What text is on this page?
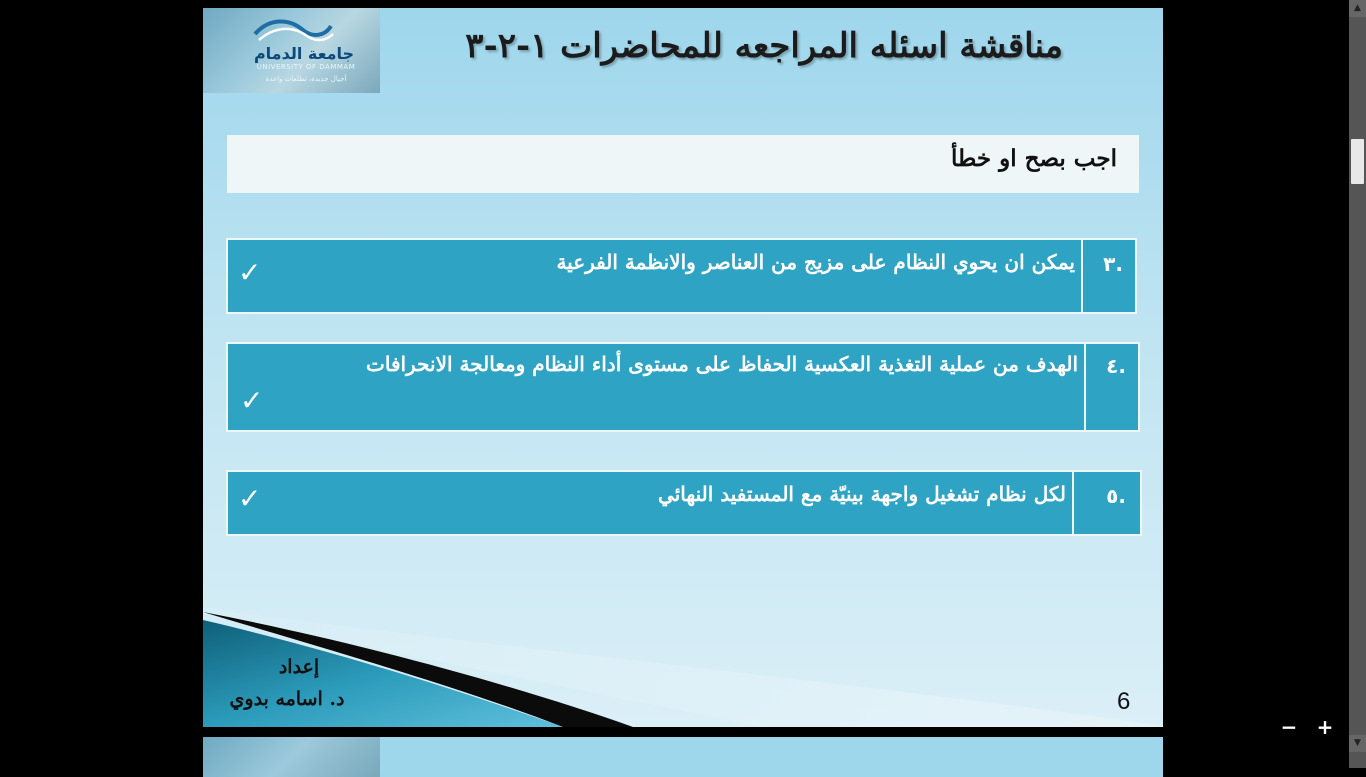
جامعة الدمام
UNIVERSITY OF DAMMAM
أجيال جديدة، تطلعات واعدة
مناقشة اسئله المراجعه للمحاضرات ١-٢-٣
اجب بصح او خطأ
.٣
يمكن ان يحوي النظام على مزيج من العناصر والانظمة الفرعية
✓
.٤
الهدف من عملية التغذية العكسية الحفاظ على مستوى أداء النظام ومعالجة الانحرافات
✓
.٥
لكل نظام تشغيل واجهة بينيّة مع المستفيد النهائي
✓
إعداد
د. اسامه بدوي	6
▲
▼
− +
